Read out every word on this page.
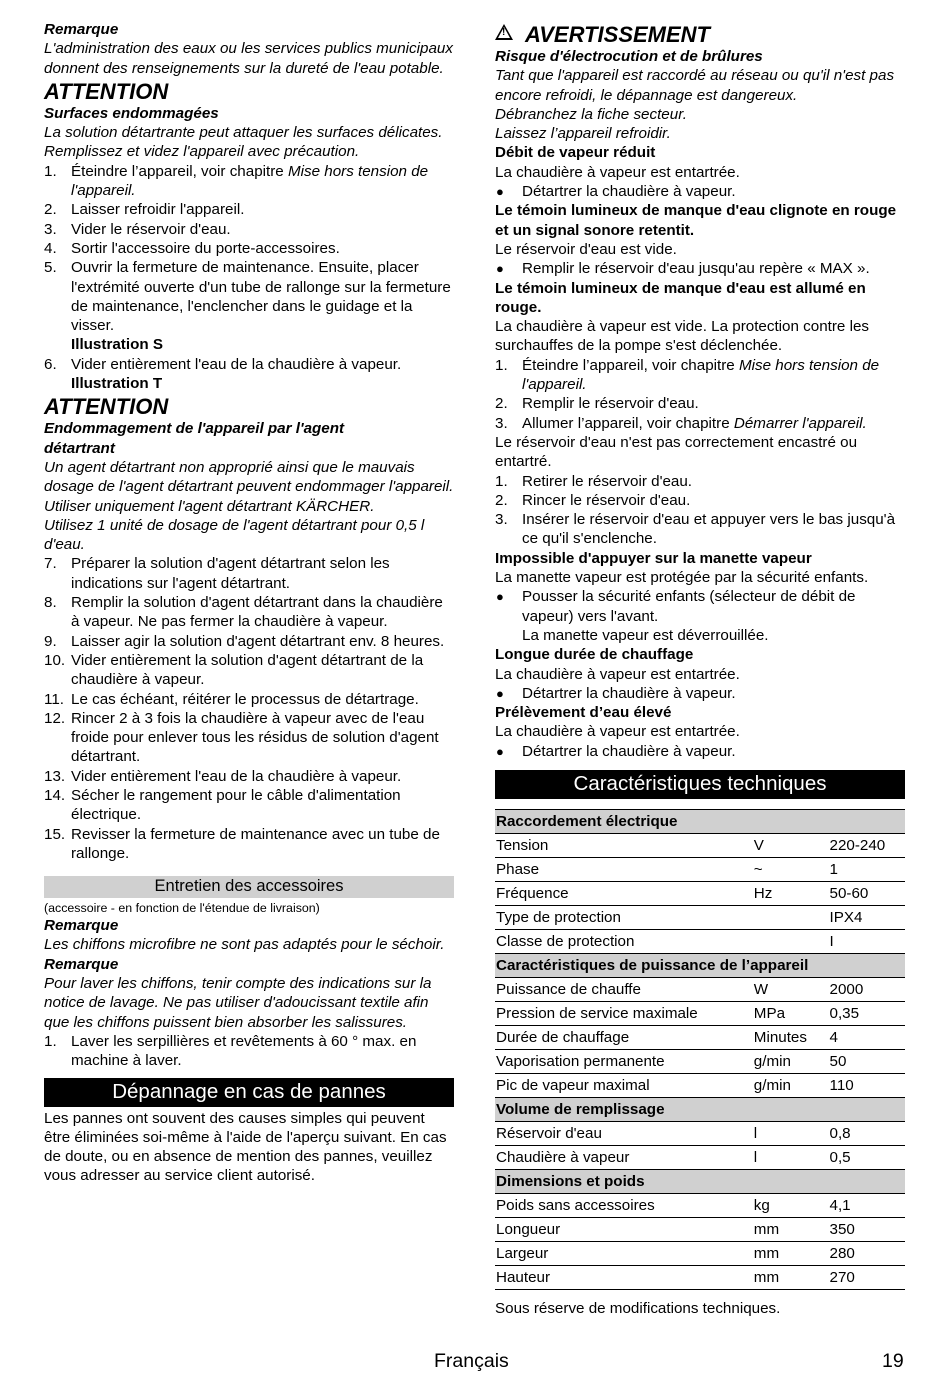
Remarque

L'administration des eaux ou les services publics municipaux donnent des renseignements sur la dureté de l'eau potable.

ATTENTION

Surfaces endommagées

La solution détartrante peut attaquer les surfaces délicates.

Remplissez et videz l'appareil avec précaution.

1. Éteindre l’appareil, voir chapitre Mise hors tension de l'appareil.
2. Laisser refroidir l'appareil.
3. Vider le réservoir d'eau.
4. Sortir l'accessoire du porte-accessoires.
5. Ouvrir la fermeture de maintenance. Ensuite, placer l'extrémité ouverte d'un tube de rallonge sur la fermeture de maintenance, l'enclencher dans le guidage et la visser.
Illustration S
6. Vider entièrement l'eau de la chaudière à vapeur.
Illustration T

ATTENTION

Endommagement de l'appareil par l'agent détartrant

Un agent détartrant non approprié ainsi que le mauvais dosage de l'agent détartrant peuvent endommager l'appareil.

Utiliser uniquement l'agent détartrant KÄRCHER.

Utilisez 1 unité de dosage de l'agent détartrant pour 0,5 l d'eau.

7. Préparer la solution d'agent détartrant selon les indications sur l'agent détartrant.
8. Remplir la solution d'agent détartrant dans la chaudière à vapeur. Ne pas fermer la chaudière à vapeur.
9. Laisser agir la solution d'agent détartrant env. 8 heures.
10. Vider entièrement la solution d'agent détartrant de la chaudière à vapeur.
11. Le cas échéant, réitérer le processus de détartrage.
12. Rincer 2 à 3 fois la chaudière à vapeur avec de l'eau froide pour enlever tous les résidus de solution d'agent détartrant.
13. Vider entièrement l'eau de la chaudière à vapeur.
14. Sécher le rangement pour le câble d'alimentation électrique.
15. Revisser la fermeture de maintenance avec un tube de rallonge.
Entretien des accessoires

(accessoire - en fonction de l'étendue de livraison)

Remarque

Les chiffons microfibre ne sont pas adaptés pour le séchoir.

Remarque

Pour laver les chiffons, tenir compte des indications sur la notice de lavage. Ne pas utiliser d'adoucissant textile afin que les chiffons puissent bien absorber les salissures.

1. Laver les serpillières et revêtements à 60 ° max. en machine à laver.
Dépannage en cas de pannes

Les pannes ont souvent des causes simples qui peuvent être éliminées soi-même à l'aide de l'aperçu suivant. En cas de doute, ou en absence de mention des pannes, veuillez vous adresser au service client autorisé.

!AVERTISSEMENT

Risque d'électrocution et de brûlures

Tant que l'appareil est raccordé au réseau ou qu'il n'est pas encore refroidi, le dépannage est dangereux.

Débranchez la fiche secteur.

Laissez l’appareil refroidir.

Débit de vapeur réduit

La chaudière à vapeur est entartrée.

● Détartrer la chaudière à vapeur.

Le témoin lumineux de manque d'eau clignote en rouge et un signal sonore retentit.

Le réservoir d'eau est vide.

● Remplir le réservoir d'eau jusqu'au repère « MAX ».

Le témoin lumineux de manque d'eau est allumé en rouge.

La chaudière à vapeur est vide. La protection contre les surchauffes de la pompe s'est déclenchée.

1. Éteindre l’appareil, voir chapitre Mise hors tension de l'appareil.
2. Remplir le réservoir d'eau.
3. Allumer l’appareil, voir chapitre Démarrer l'appareil.

Le réservoir d'eau n'est pas correctement encastré ou entartré.

1. Retirer le réservoir d'eau.
2. Rincer le réservoir d'eau.
3. Insérer le réservoir d'eau et appuyer vers le bas jusqu'à ce qu'il s'enclenche.

Impossible d'appuyer sur la manette vapeur

La manette vapeur est protégée par la sécurité enfants.

● Pousser la sécurité enfants (sélecteur de débit de vapeur) vers l'avant.
La manette vapeur est déverrouillée.

Longue durée de chauffage

La chaudière à vapeur est entartrée.

● Détartrer la chaudière à vapeur.

Prélèvement d’eau élevé

La chaudière à vapeur est entartrée.

● Détartrer la chaudière à vapeur.
Caractéristiques techniques
Raccordement électrique		
Tension	V	220-240
Phase	~	1
Fréquence	Hz	50-60
Type de protection		IPX4
Classe de protection		I
Caractéristiques de puissance de l’appareil		
Puissance de chauffe	W	2000
Pression de service maximale	MPa	0,35
Durée de chauffage	Minutes	4
Vaporisation permanente	g/min	50
Pic de vapeur maximal	g/min	110
Volume de remplissage		
Réservoir d'eau	l	0,8
Chaudière à vapeur	l	0,5
Dimensions et poids		
Poids sans accessoires	kg	4,1
Longueur	mm	350
Largeur	mm	280
Hauteur	mm	270

Sous réserve de modifications techniques.

Français	19
